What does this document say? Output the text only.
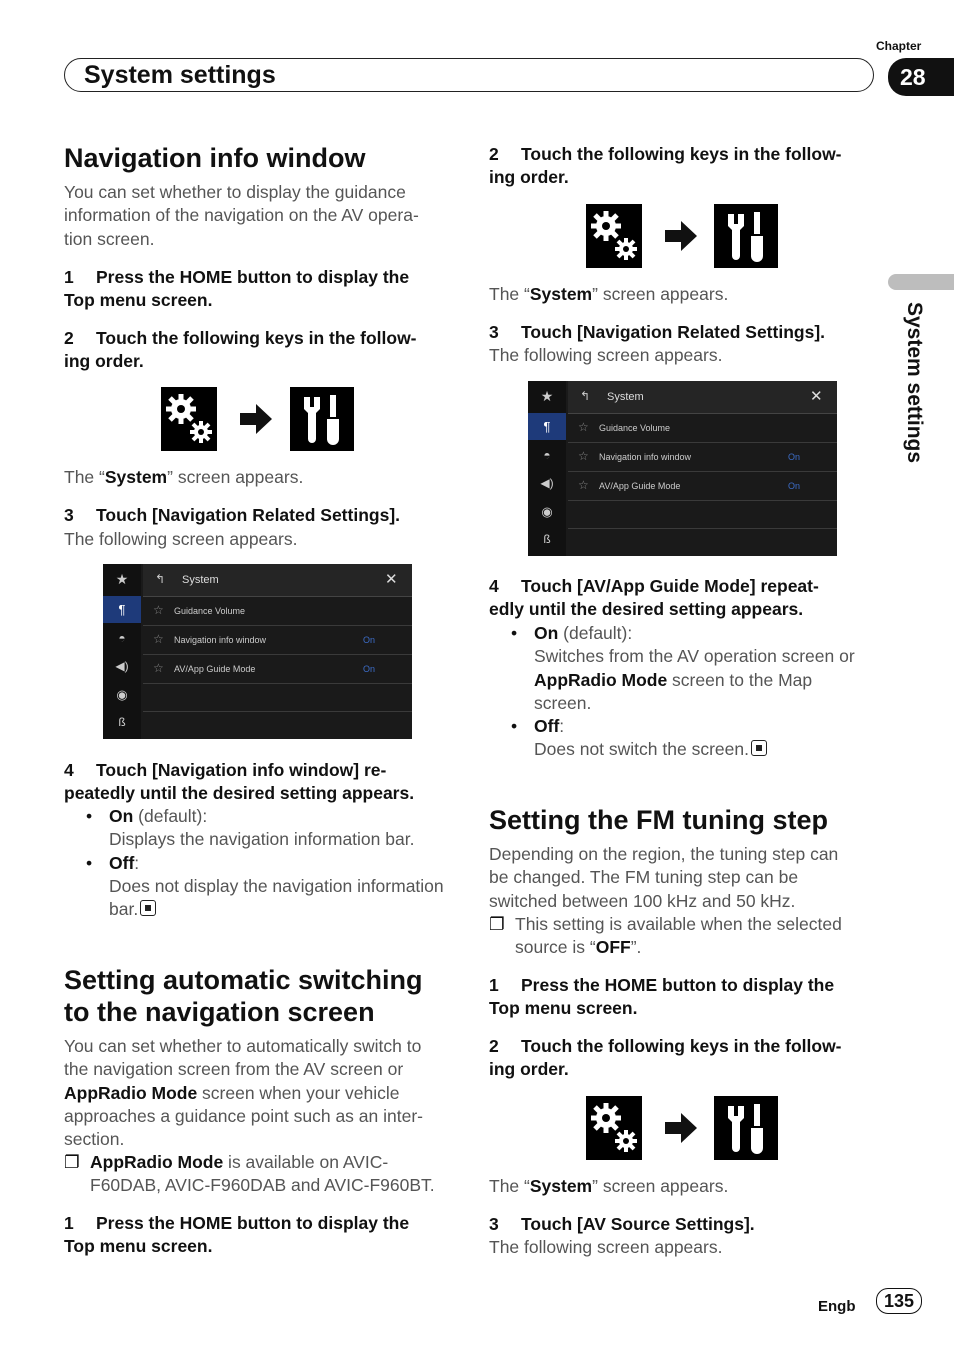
System settings
Chapter
28
System settings
Navigation info window
You can set whether to display the guidance
information of the navigation on the AV opera-
tion screen.
1 Press the HOME button to display the
Top menu screen.
2 Touch the following keys in the follow-
ing order.
The “System” screen appears.
3 Touch [Navigation Related Settings].
The following screen appears.
★
¶
◓
◀)
◉
ß
↰ System	✕
☆ Guidance Volume
☆ Navigation info window	On
☆ AV/App Guide Mode	On
4 Touch [Navigation info window] re-
peatedly until the desired setting appears.
• On (default):
Displays the navigation information bar.
• Off:
Does not display the navigation information
bar.
Setting automatic switching
to the navigation screen
You can set whether to automatically switch to
the navigation screen from the AV screen or
AppRadio Mode screen when your vehicle
approaches a guidance point such as an inter-
section.
❐ AppRadio Mode is available on AVIC-
F60DAB, AVIC-F960DAB and AVIC-F960BT.
1 Press the HOME button to display the
Top menu screen.
2 Touch the following keys in the follow-
ing order.
The “System” screen appears.
3 Touch [Navigation Related Settings].
The following screen appears.
★
¶
◓
◀)
◉
ß
↰ System	✕
☆ Guidance Volume
☆ Navigation info window	On
☆ AV/App Guide Mode	On
4 Touch [AV/App Guide Mode] repeat-
edly until the desired setting appears.
• On (default):
Switches from the AV operation screen or
AppRadio Mode screen to the Map
screen.
• Off:
Does not switch the screen.
Setting the FM tuning step
Depending on the region, the tuning step can
be changed. The FM tuning step can be
switched between 100 kHz and 50 kHz.
❐ This setting is available when the selected
source is “OFF”.
1 Press the HOME button to display the
Top menu screen.
2 Touch the following keys in the follow-
ing order.
The “System” screen appears.
3 Touch [AV Source Settings].
The following screen appears.
Engb	135
